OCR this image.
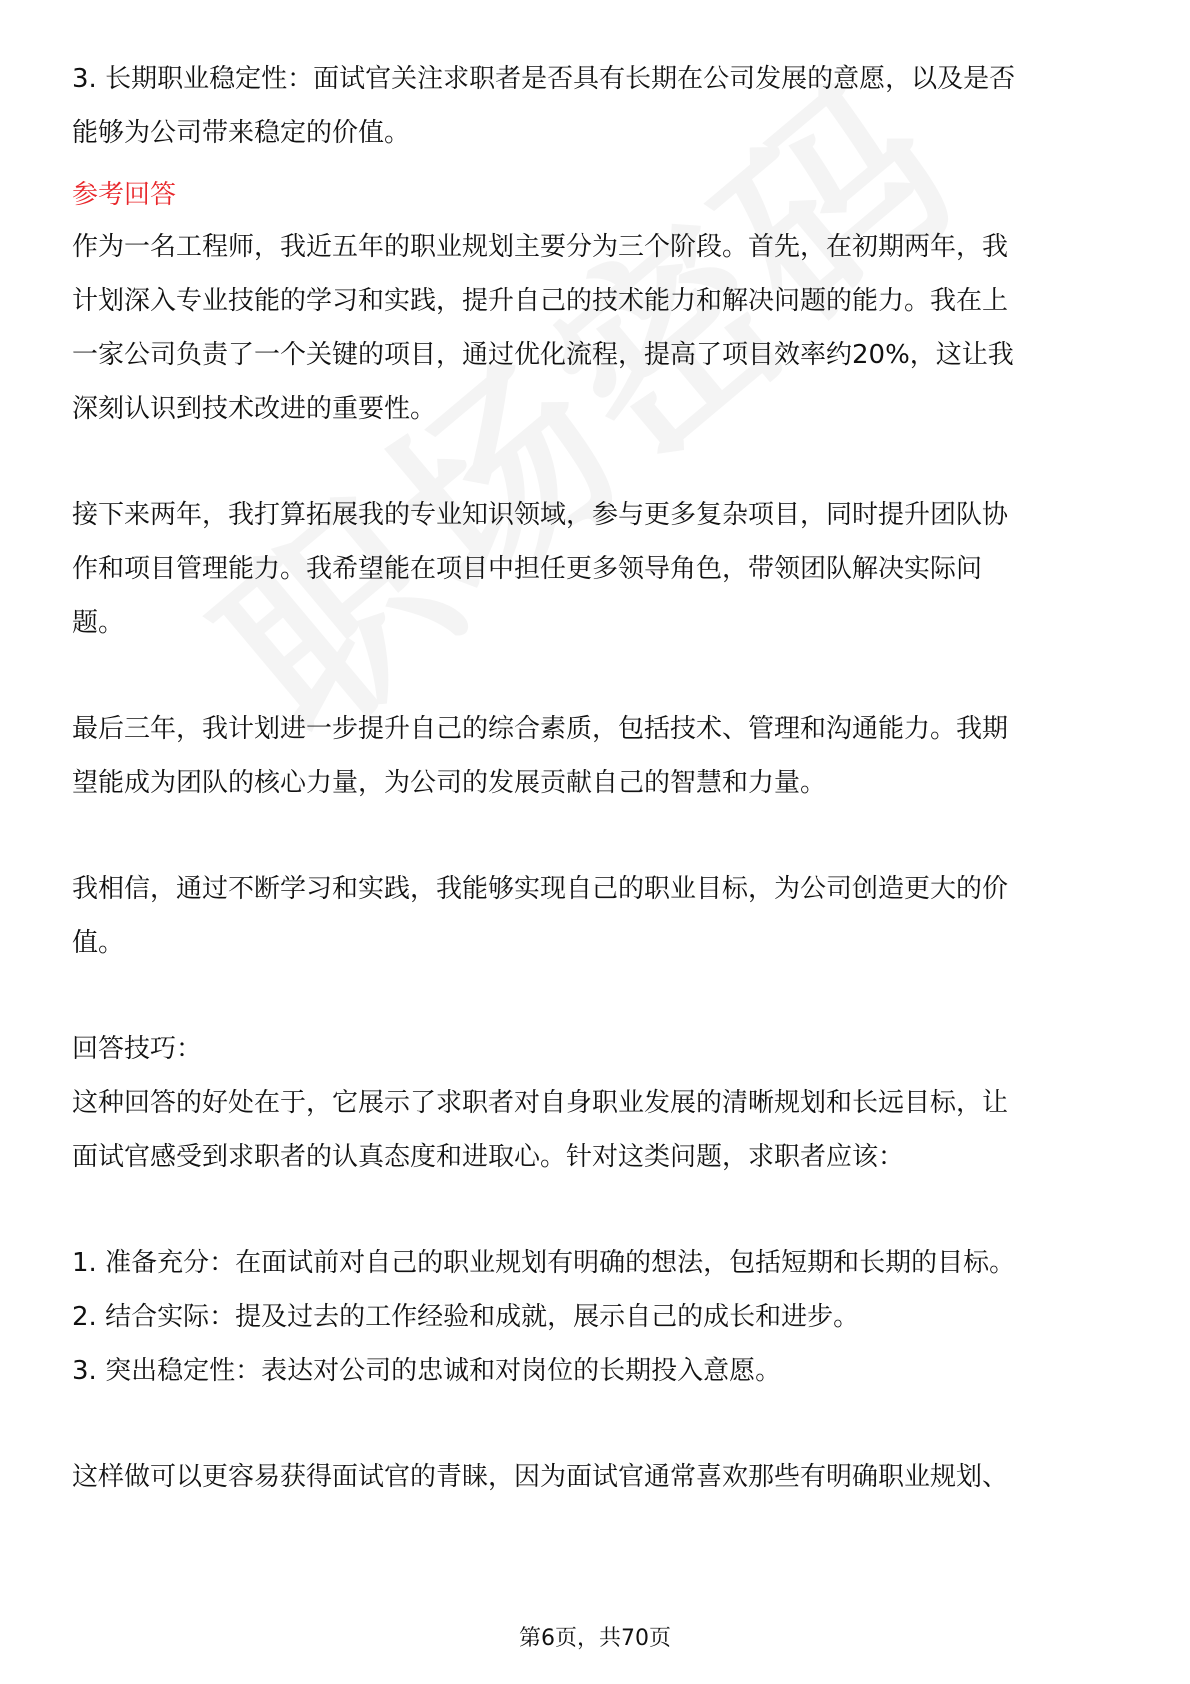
3. 长期职业稳定性：面试官关注求职者是否具有长期在公司发展的意愿，以及是否
能够为公司带来稳定的价值。
参考回答
作为一名工程师，我近五年的职业规划主要分为三个阶段。首先，在初期两年，我
计划深入专业技能的学习和实践，提升自己的技术能力和解决问题的能力。我在上
一家公司负责了一个关键的项目，通过优化流程，提高了项目效率约20%，这让我
深刻认识到技术改进的重要性。
接下来两年，我打算拓展我的专业知识领域，参与更多复杂项目，同时提升团队协
作和项目管理能力。我希望能在项目中担任更多领导角色，带领团队解决实际问
题。
最后三年，我计划进一步提升自己的综合素质，包括技术、管理和沟通能力。我期
望能成为团队的核心力量，为公司的发展贡献自己的智慧和力量。
我相信，通过不断学习和实践，我能够实现自己的职业目标，为公司创造更大的价
值。
回答技巧：
这种回答的好处在于，它展示了求职者对自身职业发展的清晰规划和长远目标，让
面试官感受到求职者的认真态度和进取心。针对这类问题，求职者应该：
1. 准备充分：在面试前对自己的职业规划有明确的想法，包括短期和长期的目标。
2. 结合实际：提及过去的工作经验和成就，展示自己的成长和进步。
3. 突出稳定性：表达对公司的忠诚和对岗位的长期投入意愿。
这样做可以更容易获得面试官的青睐，因为面试官通常喜欢那些有明确职业规划、
第6页，共70页
